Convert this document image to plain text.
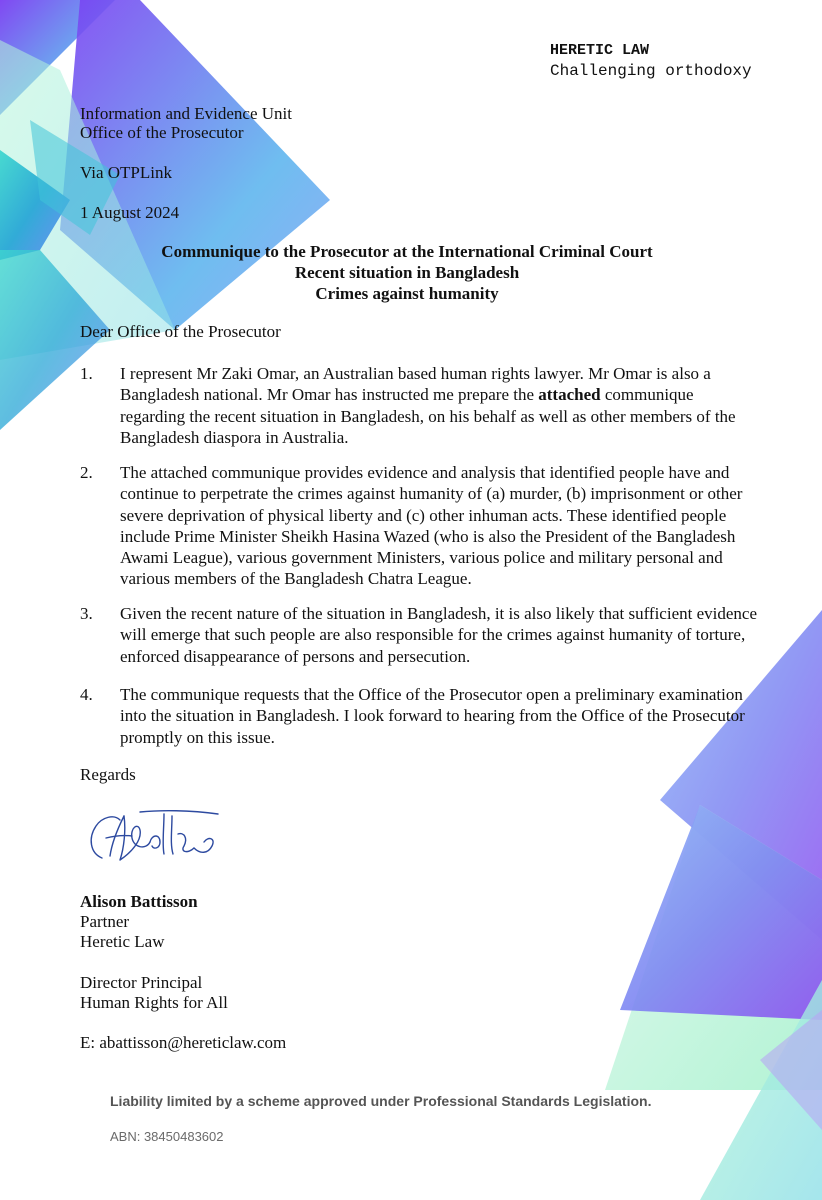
HERETIC LAW
Challenging orthodoxy
Information and Evidence Unit
Office of the Prosecutor
Via OTPLink
1 August 2024
Communique to the Prosecutor at the International Criminal Court
Recent situation in Bangladesh
Crimes against humanity
Dear Office of the Prosecutor
1. I represent Mr Zaki Omar, an Australian based human rights lawyer. Mr Omar is also a Bangladesh national. Mr Omar has instructed me prepare the attached communique regarding the recent situation in Bangladesh, on his behalf as well as other members of the Bangladesh diaspora in Australia.
2. The attached communique provides evidence and analysis that identified people have and continue to perpetrate the crimes against humanity of (a) murder, (b) imprisonment or other severe deprivation of physical liberty and (c) other inhuman acts. These identified people include Prime Minister Sheikh Hasina Wazed (who is also the President of the Bangladesh Awami League), various government Ministers, various police and military personal and various members of the Bangladesh Chatra League.
3. Given the recent nature of the situation in Bangladesh, it is also likely that sufficient evidence will emerge that such people are also responsible for the crimes against humanity of torture, enforced disappearance of persons and persecution.
4. The communique requests that the Office of the Prosecutor open a preliminary examination into the situation in Bangladesh. I look forward to hearing from the Office of the Prosecutor promptly on this issue.
Regards
Alison Battisson
Partner
Heretic Law
Director Principal
Human Rights for All
E: abattisson@hereticlaw.com
Liability limited by a scheme approved under Professional Standards Legislation.
ABN: 38450483602
